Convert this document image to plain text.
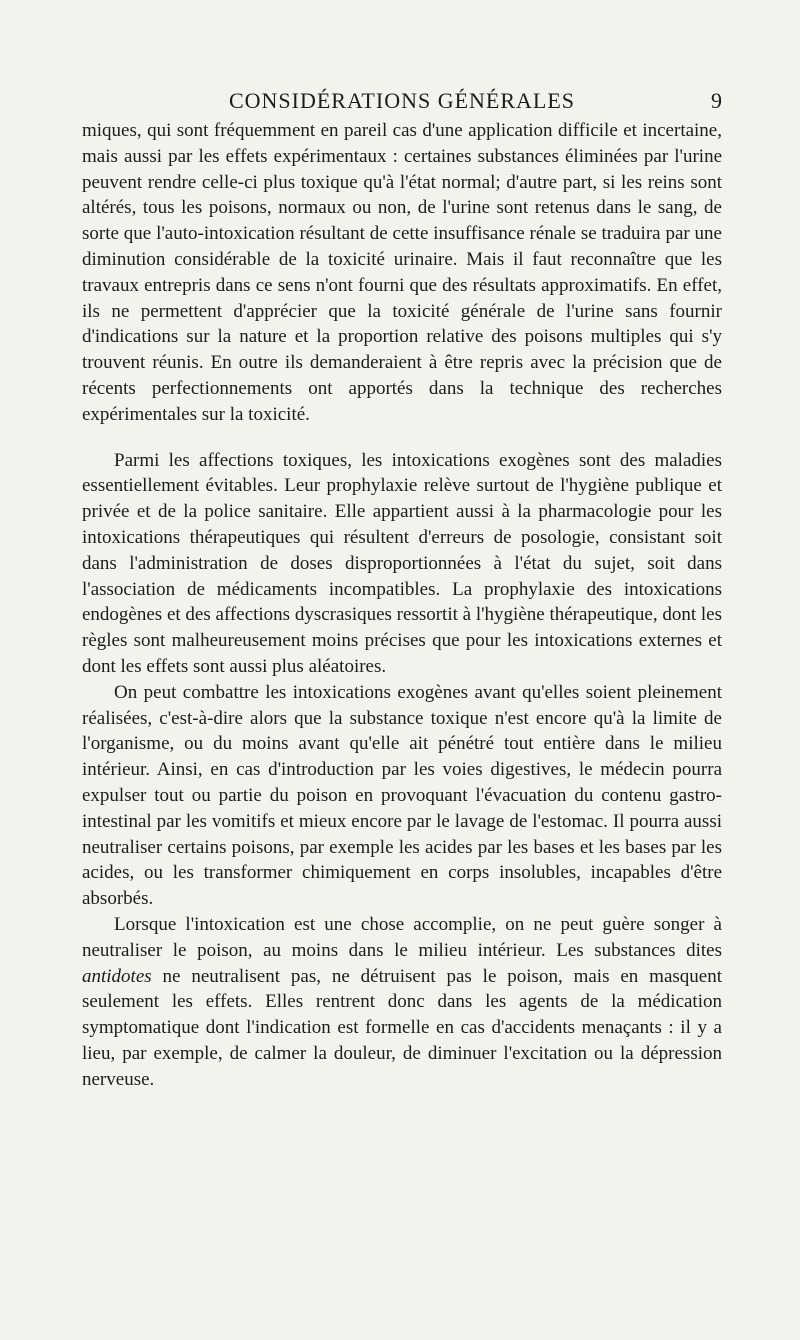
CONSIDÉRATIONS GÉNÉRALES	9

miques, qui sont fréquemment en pareil cas d'une application difficile et incertaine, mais aussi par les effets expérimentaux : certaines substances éliminées par l'urine peuvent rendre celle-ci plus toxique qu'à l'état normal; d'autre part, si les reins sont altérés, tous les poisons, normaux ou non, de l'urine sont retenus dans le sang, de sorte que l'auto-intoxication résultant de cette insuffisance rénale se traduira par une diminution considérable de la toxicité urinaire. Mais il faut reconnaître que les travaux entrepris dans ce sens n'ont fourni que des résultats approximatifs. En effet, ils ne permettent d'apprécier que la toxicité générale de l'urine sans fournir d'indications sur la nature et la proportion relative des poisons multiples qui s'y trouvent réunis. En outre ils demanderaient à être repris avec la précision que de récents perfectionnements ont apportés dans la technique des recherches expérimentales sur la toxicité.

Parmi les affections toxiques, les intoxications exogènes sont des maladies essentiellement évitables. Leur prophylaxie relève surtout de l'hygiène publique et privée et de la police sanitaire. Elle appartient aussi à la pharmacologie pour les intoxications thérapeutiques qui résultent d'erreurs de posologie, consistant soit dans l'administration de doses disproportionnées à l'état du sujet, soit dans l'association de médicaments incompatibles. La prophylaxie des intoxications endogènes et des affections dyscrasiques ressortit à l'hygiène thérapeutique, dont les règles sont malheureusement moins précises que pour les intoxications externes et dont les effets sont aussi plus aléatoires.

On peut combattre les intoxications exogènes avant qu'elles soient pleinement réalisées, c'est-à-dire alors que la substance toxique n'est encore qu'à la limite de l'organisme, ou du moins avant qu'elle ait pénétré tout entière dans le milieu intérieur. Ainsi, en cas d'introduction par les voies digestives, le médecin pourra expulser tout ou partie du poison en provoquant l'évacuation du contenu gastro-intestinal par les vomitifs et mieux encore par le lavage de l'estomac. Il pourra aussi neutraliser certains poisons, par exemple les acides par les bases et les bases par les acides, ou les transformer chimiquement en corps insolubles, incapables d'être absorbés.

Lorsque l'intoxication est une chose accomplie, on ne peut guère songer à neutraliser le poison, au moins dans le milieu intérieur. Les substances dites antidotes ne neutralisent pas, ne détruisent pas le poison, mais en masquent seulement les effets. Elles rentrent donc dans les agents de la médication symptomatique dont l'indication est formelle en cas d'accidents menaçants : il y a lieu, par exemple, de calmer la douleur, de diminuer l'excitation ou la dépression nerveuse.
